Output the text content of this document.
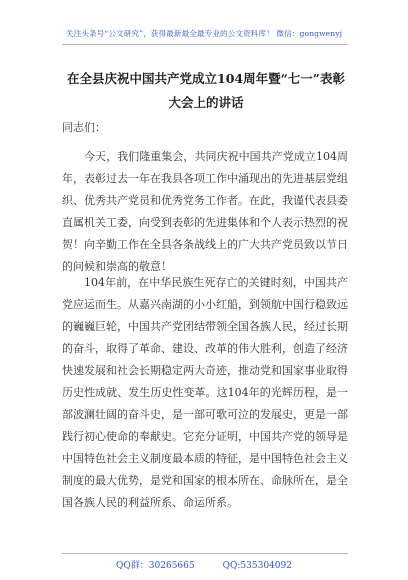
关注头条号“公文研究”，获得最新最全最专业的公文资料库！ 微信：gongwenyj
在全县庆祝中国共产党成立104周年暨“七一”表彰大会上的讲话
同志们：

今天，我们隆重集会，共同庆祝中国共产党成立104周年，表彰过去一年在我县各项工作中涌现出的先进基层党组织、优秀共产党员和优秀党务工作者。在此，我谨代表县委直属机关工委，向受到表彰的先进集体和个人表示热烈的祝贺！向辛勤工作在全县各条战线上的广大共产党员致以节日的问候和崇高的敬意！

104年前，在中华民族生死存亡的关键时刻，中国共产党应运而生。从嘉兴南湖的小小红船，到领航中国行稳致远的巍巍巨轮，中国共产党团结带领全国各族人民，经过长期的奋斗，取得了革命、建设、改革的伟大胜利，创造了经济快速发展和社会长期稳定两大奇迹，推动党和国家事业取得历史性成就、发生历史性变革。这104年的光辉历程，是一部波澜壮阔的奋斗史，是一部可歌可泣的发展史，更是一部践行初心使命的奉献史。它充分证明，中国共产党的领导是中国特色社会主义制度最本质的特征，是中国特色社会主义制度的最大优势，是党和国家的根本所在、命脉所在，是全国各族人民的利益所系、命运所系。

QQ群：30265665	QQ:535304092
